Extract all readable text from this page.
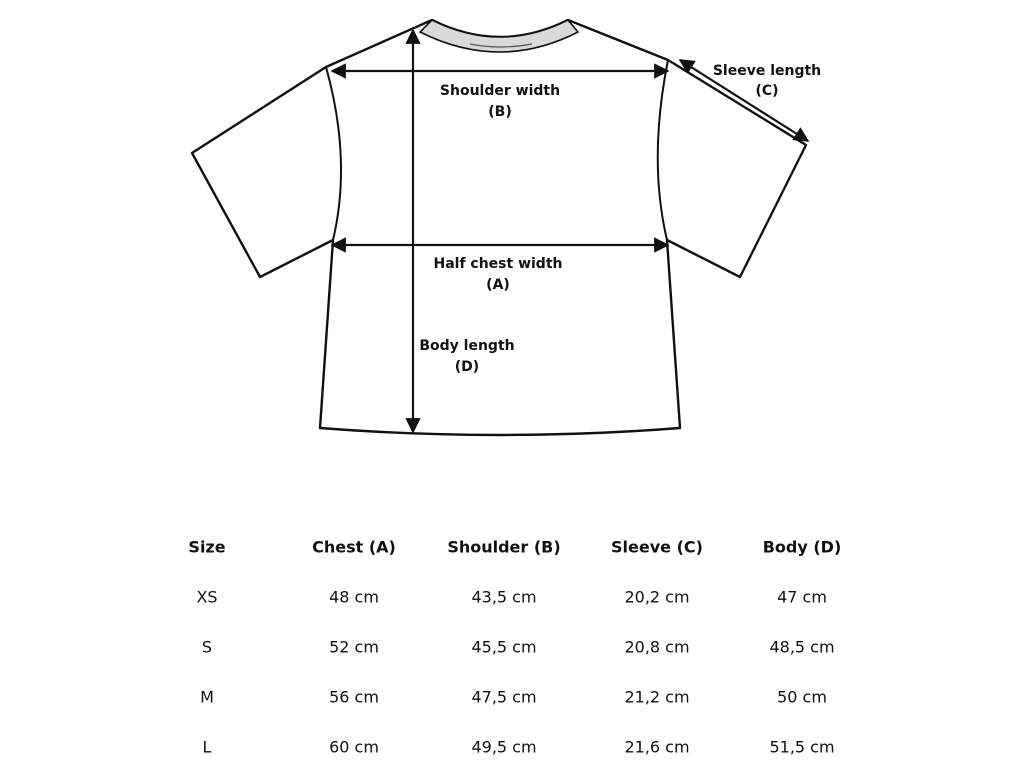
Shoulder width
(B)
Sleeve length
(C)
Half chest width
(A)
Body length
(D)
Size	Chest (A)	Shoulder (B)	Sleeve (C)	Body (D)
XS	48 cm	43,5 cm	20,2 cm	47 cm
S	52 cm	45,5 cm	20,8 cm	48,5 cm
M	56 cm	47,5 cm	21,2 cm	50 cm
L	60 cm	49,5 cm	21,6 cm	51,5 cm
